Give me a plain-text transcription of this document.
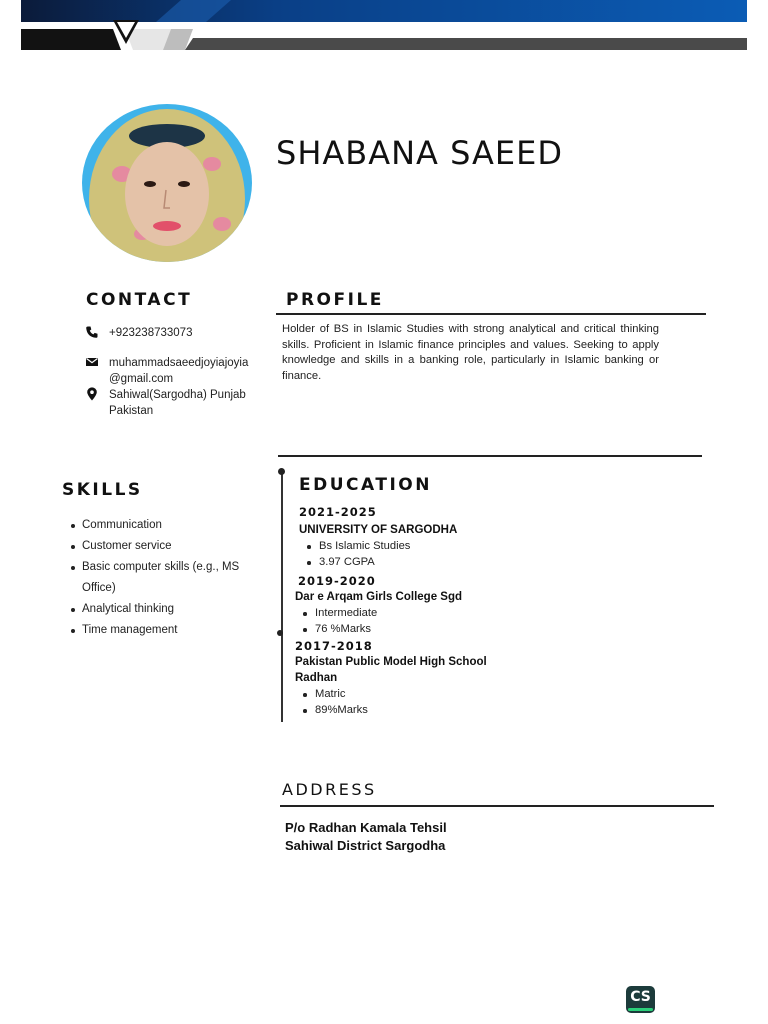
SHABANA SAEED
CONTACT
+923238733073
muhammadsaeedjoyiajoyia
@gmail.com
Sahiwal(Sargodha) Punjab
Pakistan
PROFILE
Holder of BS in Islamic Studies with strong analytical and critical thinking skills. Proficient in Islamic finance principles and values. Seeking to apply knowledge and skills in a banking role, particularly in Islamic banking or finance.
SKILLS
Communication
Customer service
Basic computer skills (e.g., MS Office)
Analytical thinking
Time management
EDUCATION
2021-2025
UNIVERSITY OF SARGODHA
Bs Islamic Studies
3.97 CGPA
2019-2020
Dar e Arqam Girls College Sgd
Intermediate
76 %Marks
2017-2018
Pakistan Public Model High School Radhan
Matric
89%Marks
ADDRESS
P/o Radhan Kamala Tehsil
Sahiwal District Sargodha
CS
